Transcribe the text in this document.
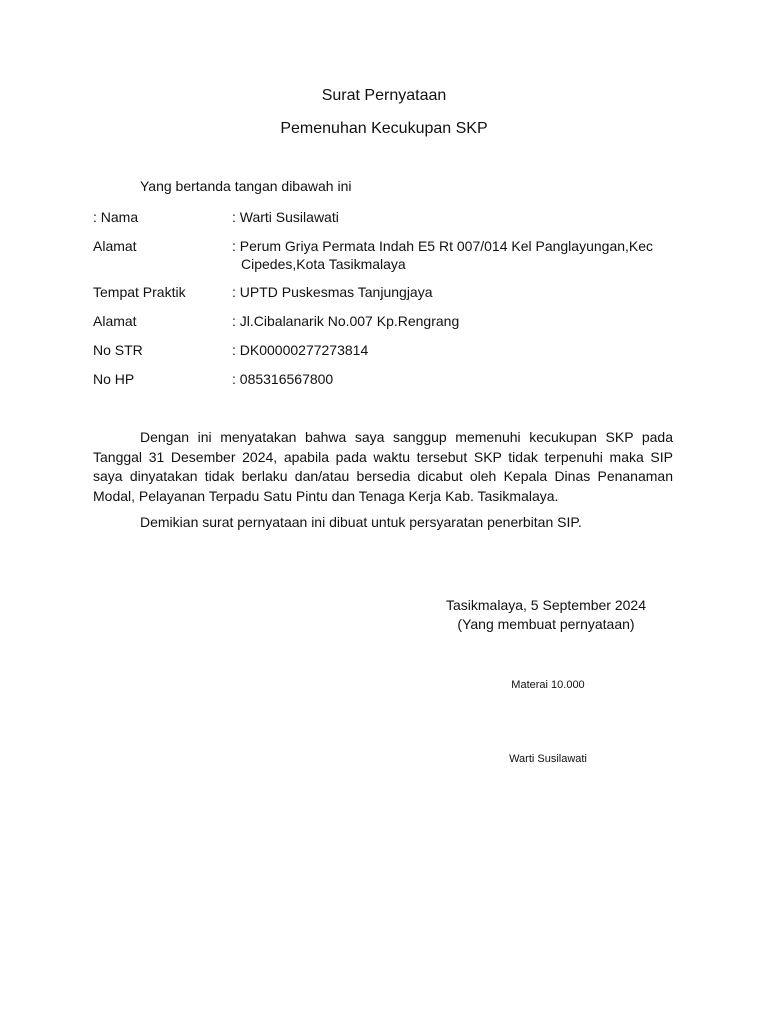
Surat Pernyataan
Pemenuhan Kecukupan SKP
Yang bertanda tangan dibawah ini
: Nama	: Warti Susilawati
Alamat	: Perum Griya Permata Indah E5 Rt 007/014 Kel Panglayungan,Kec
Cipedes,Kota Tasikmalaya
Tempat Praktik	: UPTD Puskesmas Tanjungjaya
Alamat	: Jl.Cibalanarik No.007 Kp.Rengrang
No STR	: DK00000277273814
No HP	: 085316567800
Dengan ini menyatakan bahwa saya sanggup memenuhi kecukupan SKP pada Tanggal 31 Desember 2024, apabila pada waktu tersebut SKP tidak terpenuhi maka SIP saya dinyatakan tidak berlaku dan/atau bersedia dicabut oleh Kepala Dinas Penanaman Modal, Pelayanan Terpadu Satu Pintu dan Tenaga Kerja Kab. Tasikmalaya.
Demikian surat pernyataan ini dibuat untuk persyaratan penerbitan SIP.
Tasikmalaya, 5 September 2024
(Yang membuat pernyataan)
Materai 10.000
Warti Susilawati
